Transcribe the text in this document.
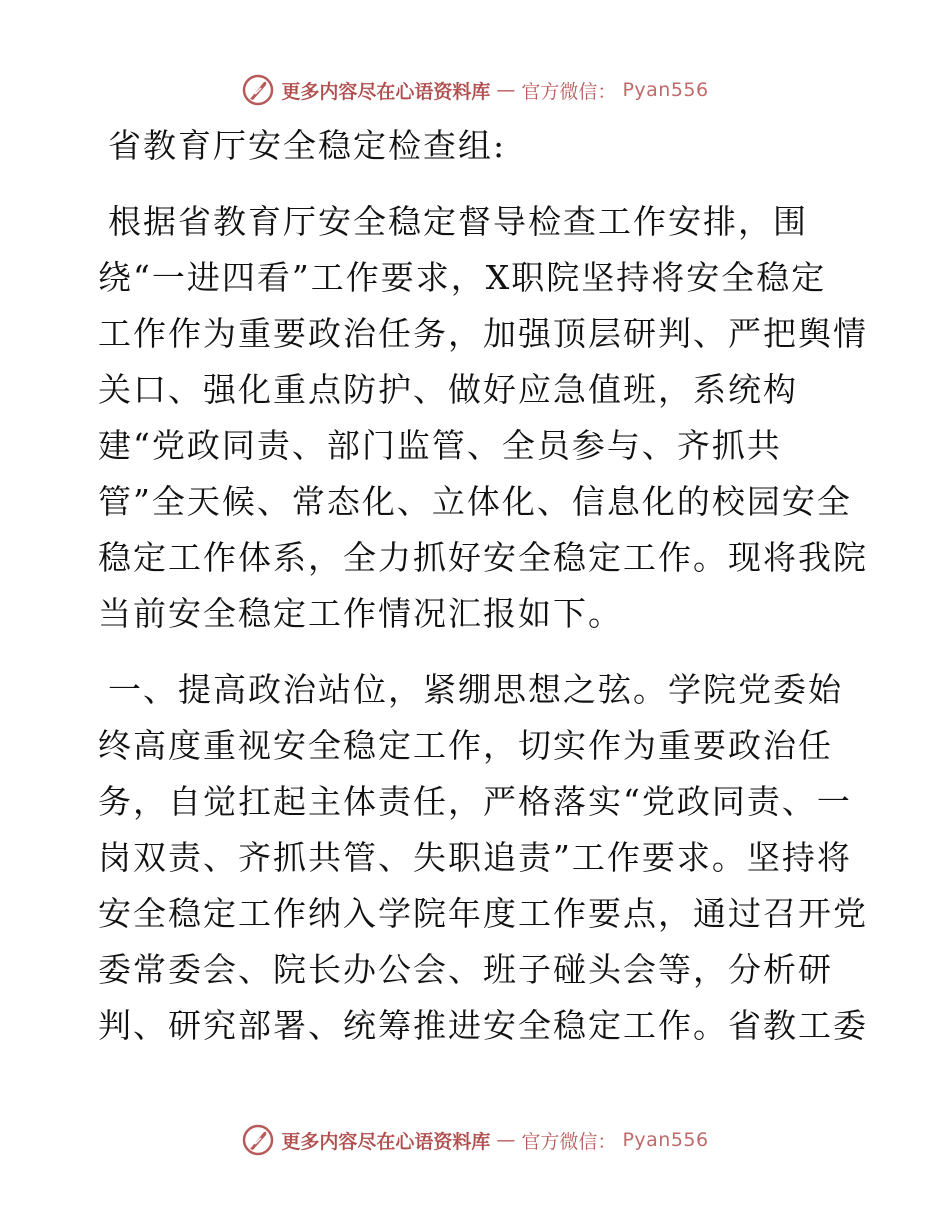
更多内容尽在心语资料库 — 官方微信： Pyan556
省教育厅安全稳定检查组:
根据省教育厅安全稳定督导检查工作安排，围
绕“一进四看”工作要求，X职院坚持将安全稳定
工作作为重要政治任务，加强顶层研判、严把舆情
关口、强化重点防护、做好应急值班，系统构
建“党政同责、部门监管、全员参与、齐抓共
管”全天候、常态化、立体化、信息化的校园安全
稳定工作体系，全力抓好安全稳定工作。现将我院
当前安全稳定工作情况汇报如下。
一、提高政治站位，紧绷思想之弦。学院党委始
终高度重视安全稳定工作，切实作为重要政治任
务，自觉扛起主体责任，严格落实“党政同责、一
岗双责、齐抓共管、失职追责”工作要求。坚持将
安全稳定工作纳入学院年度工作要点，通过召开党
委常委会、院长办公会、班子碰头会等，分析研
判、研究部署、统筹推进安全稳定工作。省教工委
更多内容尽在心语资料库 — 官方微信： Pyan556
